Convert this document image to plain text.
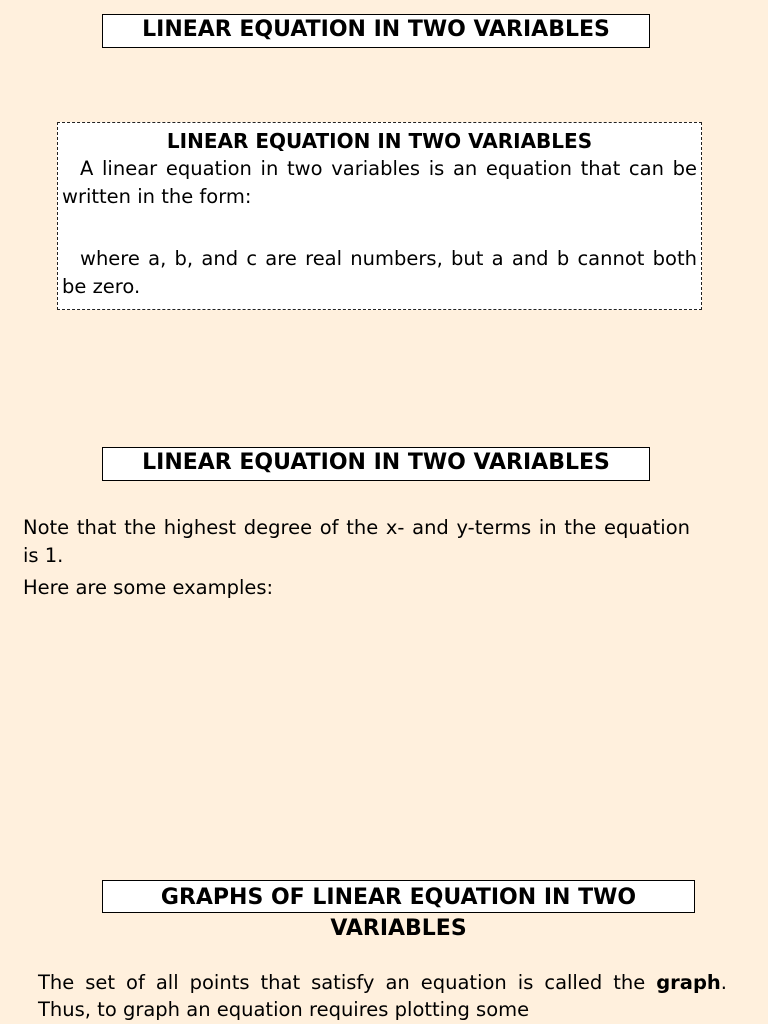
LINEAR EQUATION IN TWO VARIABLES

LINEAR EQUATION IN TWO VARIABLES

A linear equation in two variables is an equation that can be written in the form:

where a, b, and c are real numbers, but a and b cannot both be zero.

LINEAR EQUATION IN TWO VARIABLES

Note that the highest degree of the x- and y-terms in the equation is 1.

Here are some examples:

GRAPHS OF LINEAR EQUATION IN TWO
VARIABLES

The set of all points that satisfy an equation is called the graph. Thus, to graph an equation requires plotting some
